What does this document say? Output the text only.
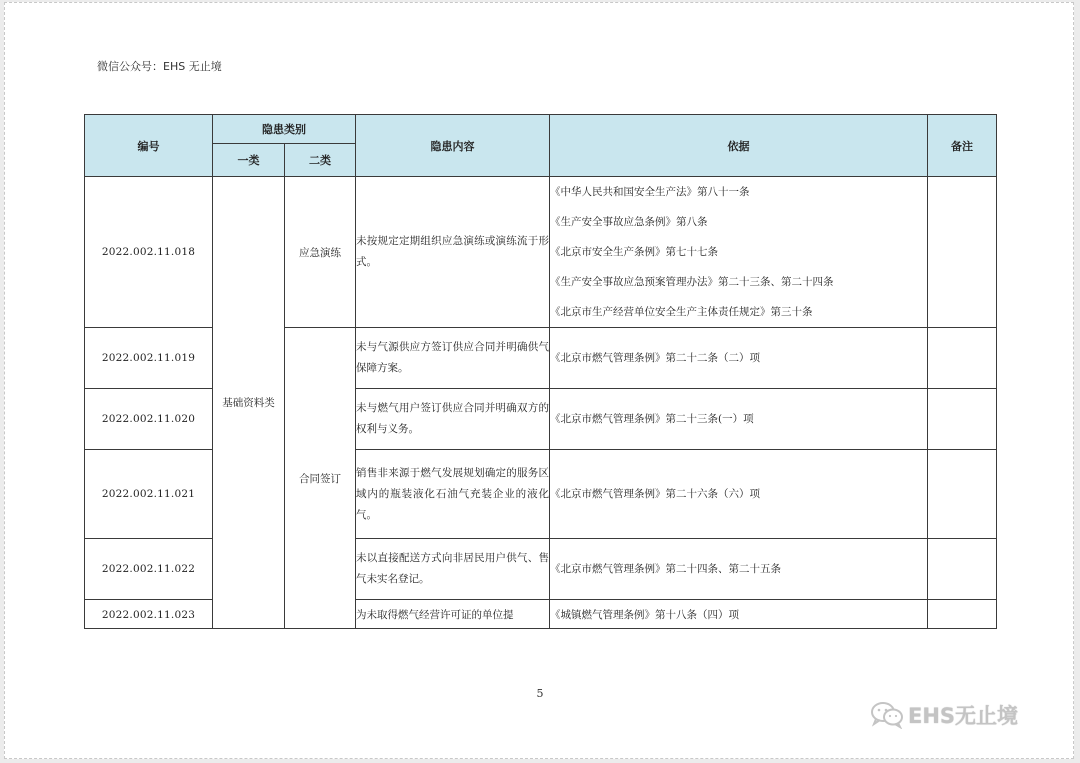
微信公众号：EHS 无止境
编号	隐患类别		隐患内容	依据	备注
	一类	二类			
2022.002.11.018	基础资料类	应急演练	未按规定定期组织应急演练或演练流于形式。	《中华人民共和国安全生产法》第八十一条
《生产安全事故应急条例》第八条
《北京市安全生产条例》第七十七条
《生产安全事故应急预案管理办法》第二十三条、第二十四条
《北京市生产经营单位安全生产主体责任规定》第三十条	

2022.002.11.019		合同签订	未与气源供应方签订供应合同并明确供气保障方案。	《北京市燃气管理条例》第二十二条（二）项	

2022.002.11.020			未与燃气用户签订供应合同并明确双方的权利与义务。	《北京市燃气管理条例》第二十三条(一）项	

2022.002.11.021			销售非来源于燃气发展规划确定的服务区域内的瓶装液化石油气充装企业的液化气。	《北京市燃气管理条例》第二十六条（六）项	

2022.002.11.022			未以直接配送方式向非居民用户供气、售气未实名登记。	《北京市燃气管理条例》第二十四条、第二十五条	

2022.002.11.023			为未取得燃气经营许可证的单位提	《城镇燃气管理条例》第十八条（四）项	

5
EHS无止境
